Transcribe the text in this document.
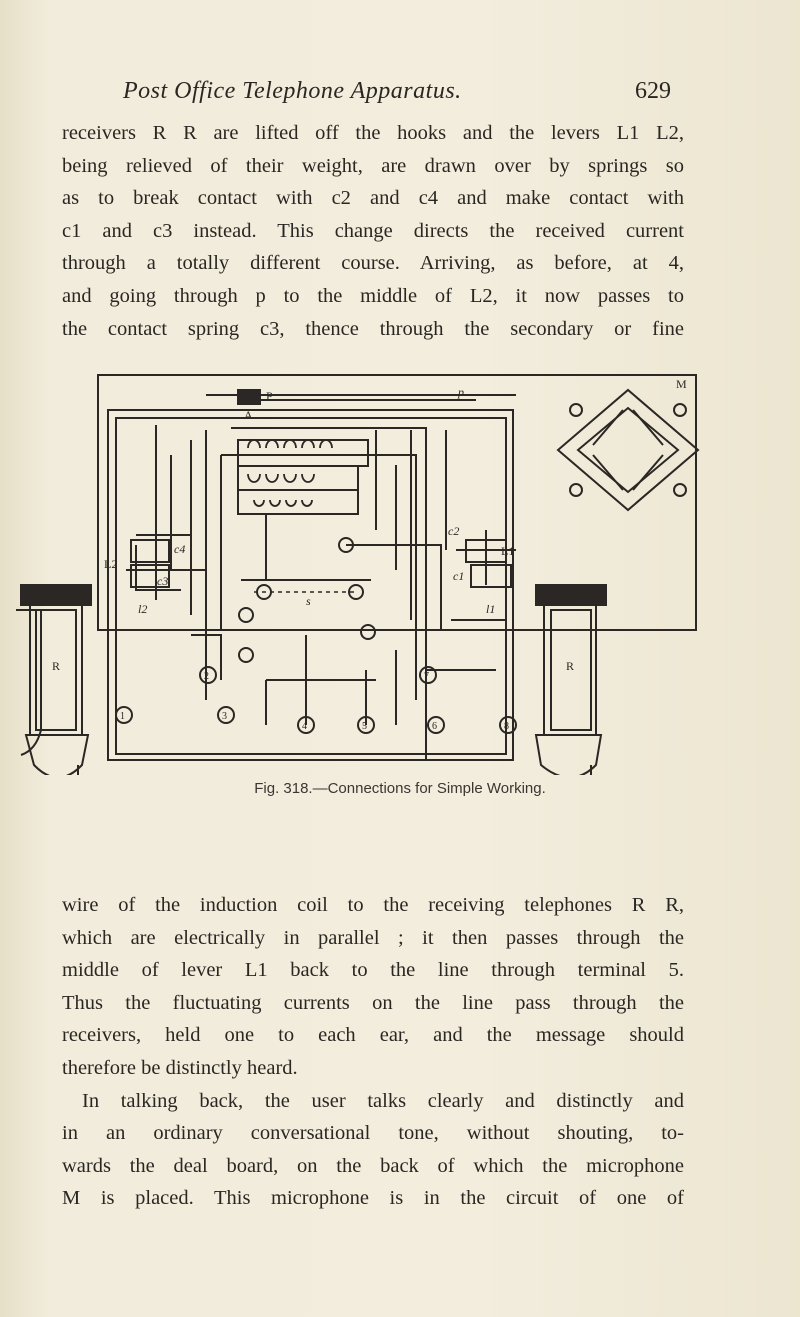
Post Office Telephone Apparatus.	629
receivers R R are lifted off the hooks and the levers L1 L2,
being relieved of their weight, are drawn over by springs so
as to break contact with c2 and c4 and make contact with
c1 and c3 instead. This change directs the received current
through a totally different course. Arriving, as before, at 4,
and going through p to the middle of L2, it now passes to
the contact spring c3, thence through the secondary or fine
M
P	p
A
s
c4
c2
c3	c1
l2	l1
L2
L1
R	R
2
1	3
4	5	6
7
8
Fig. 318.—Connections for Simple Working.
wire of the induction coil to the receiving telephones R R,
which are electrically in parallel ; it then passes through the
middle of lever L1 back to the line through terminal 5.
Thus the fluctuating currents on the line pass through the
receivers, held one to each ear, and the message should
therefore be distinctly heard.
In talking back, the user talks clearly and distinctly and
in an ordinary conversational tone, without shouting, to-
wards the deal board, on the back of which the microphone
M is placed. This microphone is in the circuit of one of
